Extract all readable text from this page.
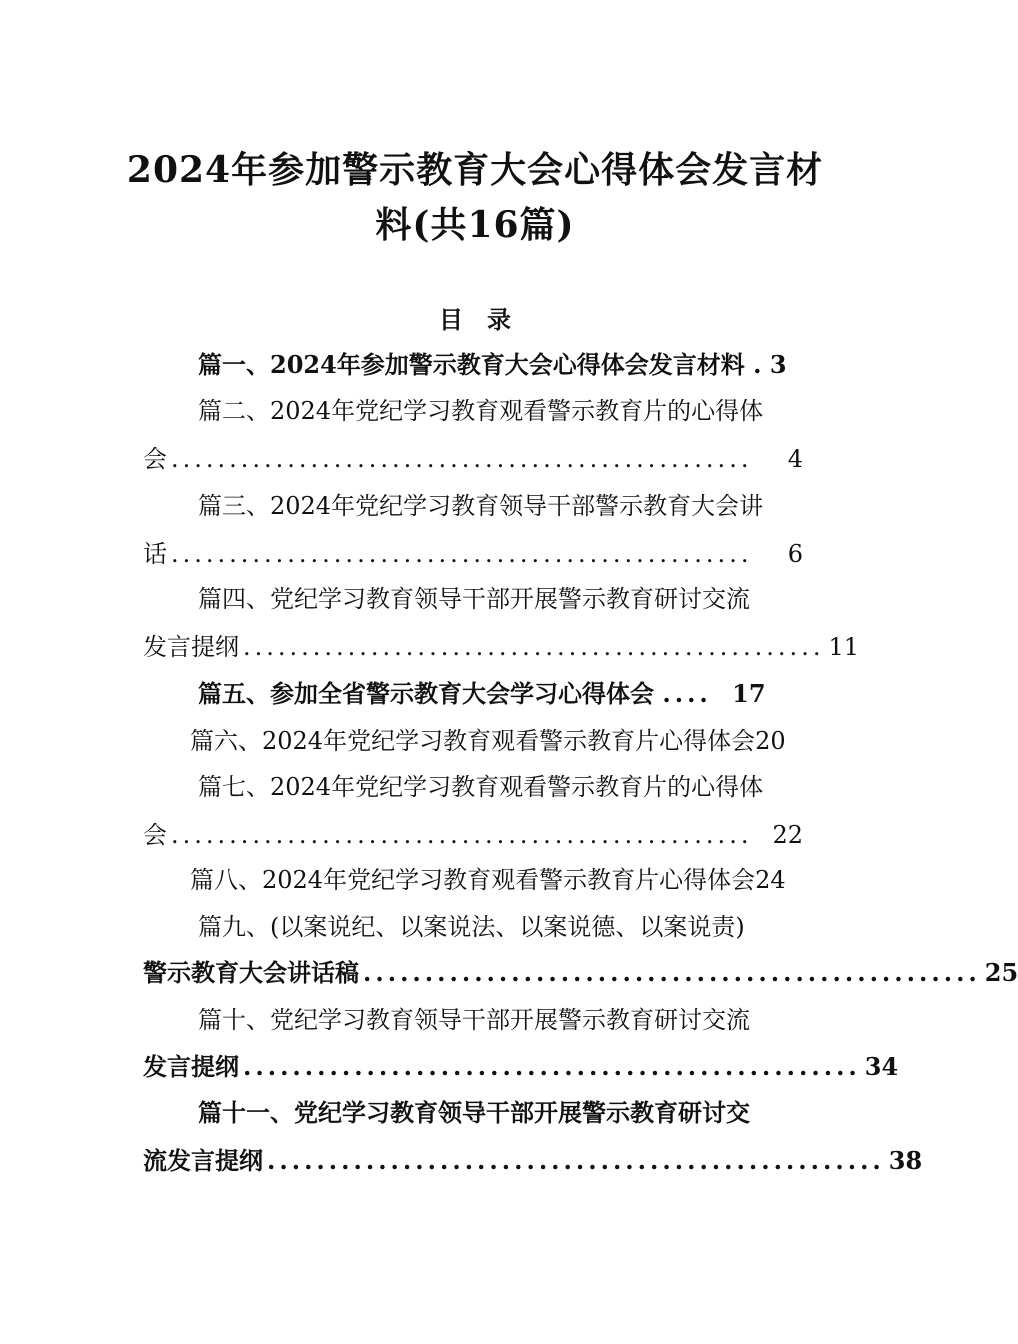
2024年参加警示教育大会心得体会发言材
料(共16篇)
目录
篇一、2024年参加警示教育大会心得体会发言材料 . 3
篇二、2024年党纪学习教育观看警示教育片的心得体
会 ..................................................	4
篇三、2024年党纪学习教育领导干部警示教育大会讲
话 ..................................................	6
篇四、党纪学习教育领导干部开展警示教育研讨交流
发言提纲 .................................................. 11
篇五、参加全省警示教育大会学习心得体会 .... 17
篇六、2024年党纪学习教育观看警示教育片心得体会20
篇七、2024年党纪学习教育观看警示教育片的心得体
会 .................................................. 22
篇八、2024年党纪学习教育观看警示教育片心得体会24
篇九、(以案说纪、以案说法、以案说德、以案说责)
警示教育大会讲话稿 .................................................. 25
篇十、党纪学习教育领导干部开展警示教育研讨交流
发言提纲 .................................................. 34
篇十一、党纪学习教育领导干部开展警示教育研讨交
流发言提纲 .................................................. 38
